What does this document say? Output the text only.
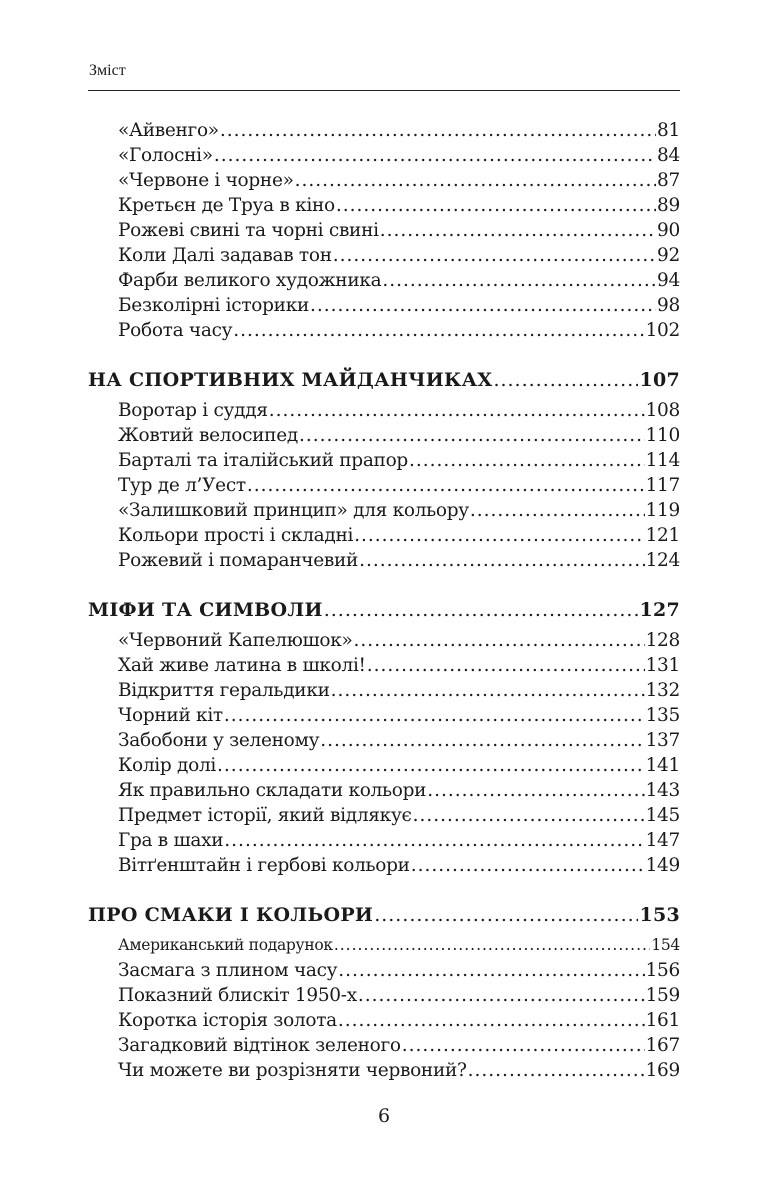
Зміст
«Айвенго» .....	81
«Голосні» .....	84
«Червоне і чорне» .....	87
Кретьєн де Труа в кіно .....	89
Рожеві свині та чорні свині .....	90
Коли Далі задавав тон .....	92
Фарби великого художника .....	94
Безколірні історики .....	98
Робота часу .....	102
НА СПОРТИВНИХ МАЙДАНЧИКАХ .....	107
Воротар і суддя .....	108
Жовтий велосипед .....	110
Барталі та італійський прапор .....	114
Тур де л’Уест .....	117
«Залишковий принцип» для кольору .....	119
Кольори прості і складні .....	121
Рожевий і помаранчевий .....	124
МІФИ ТА СИМВОЛИ .....	127
«Червоний Капелюшок» .....	128
Хай живе латина в школі! .....	131
Відкриття геральдики .....	132
Чорний кіт .....	135
Забобони у зеленому .....	137
Колір долі .....	141
Як правильно складати кольори .....	143
Предмет історії, який відлякує .....	145
Гра в шахи .....	147
Вітґенштайн і гербові кольори .....	149
ПРО СМАКИ І КОЛЬОРИ .....	153
Американський подарунок .....	154
Засмага з плином часу .....	156
Показний блискіт 1950-х .....	159
Коротка історія золота .....	161
Загадковий відтінок зеленого .....	167
Чи можете ви розрізняти червоний? .....	169
6
